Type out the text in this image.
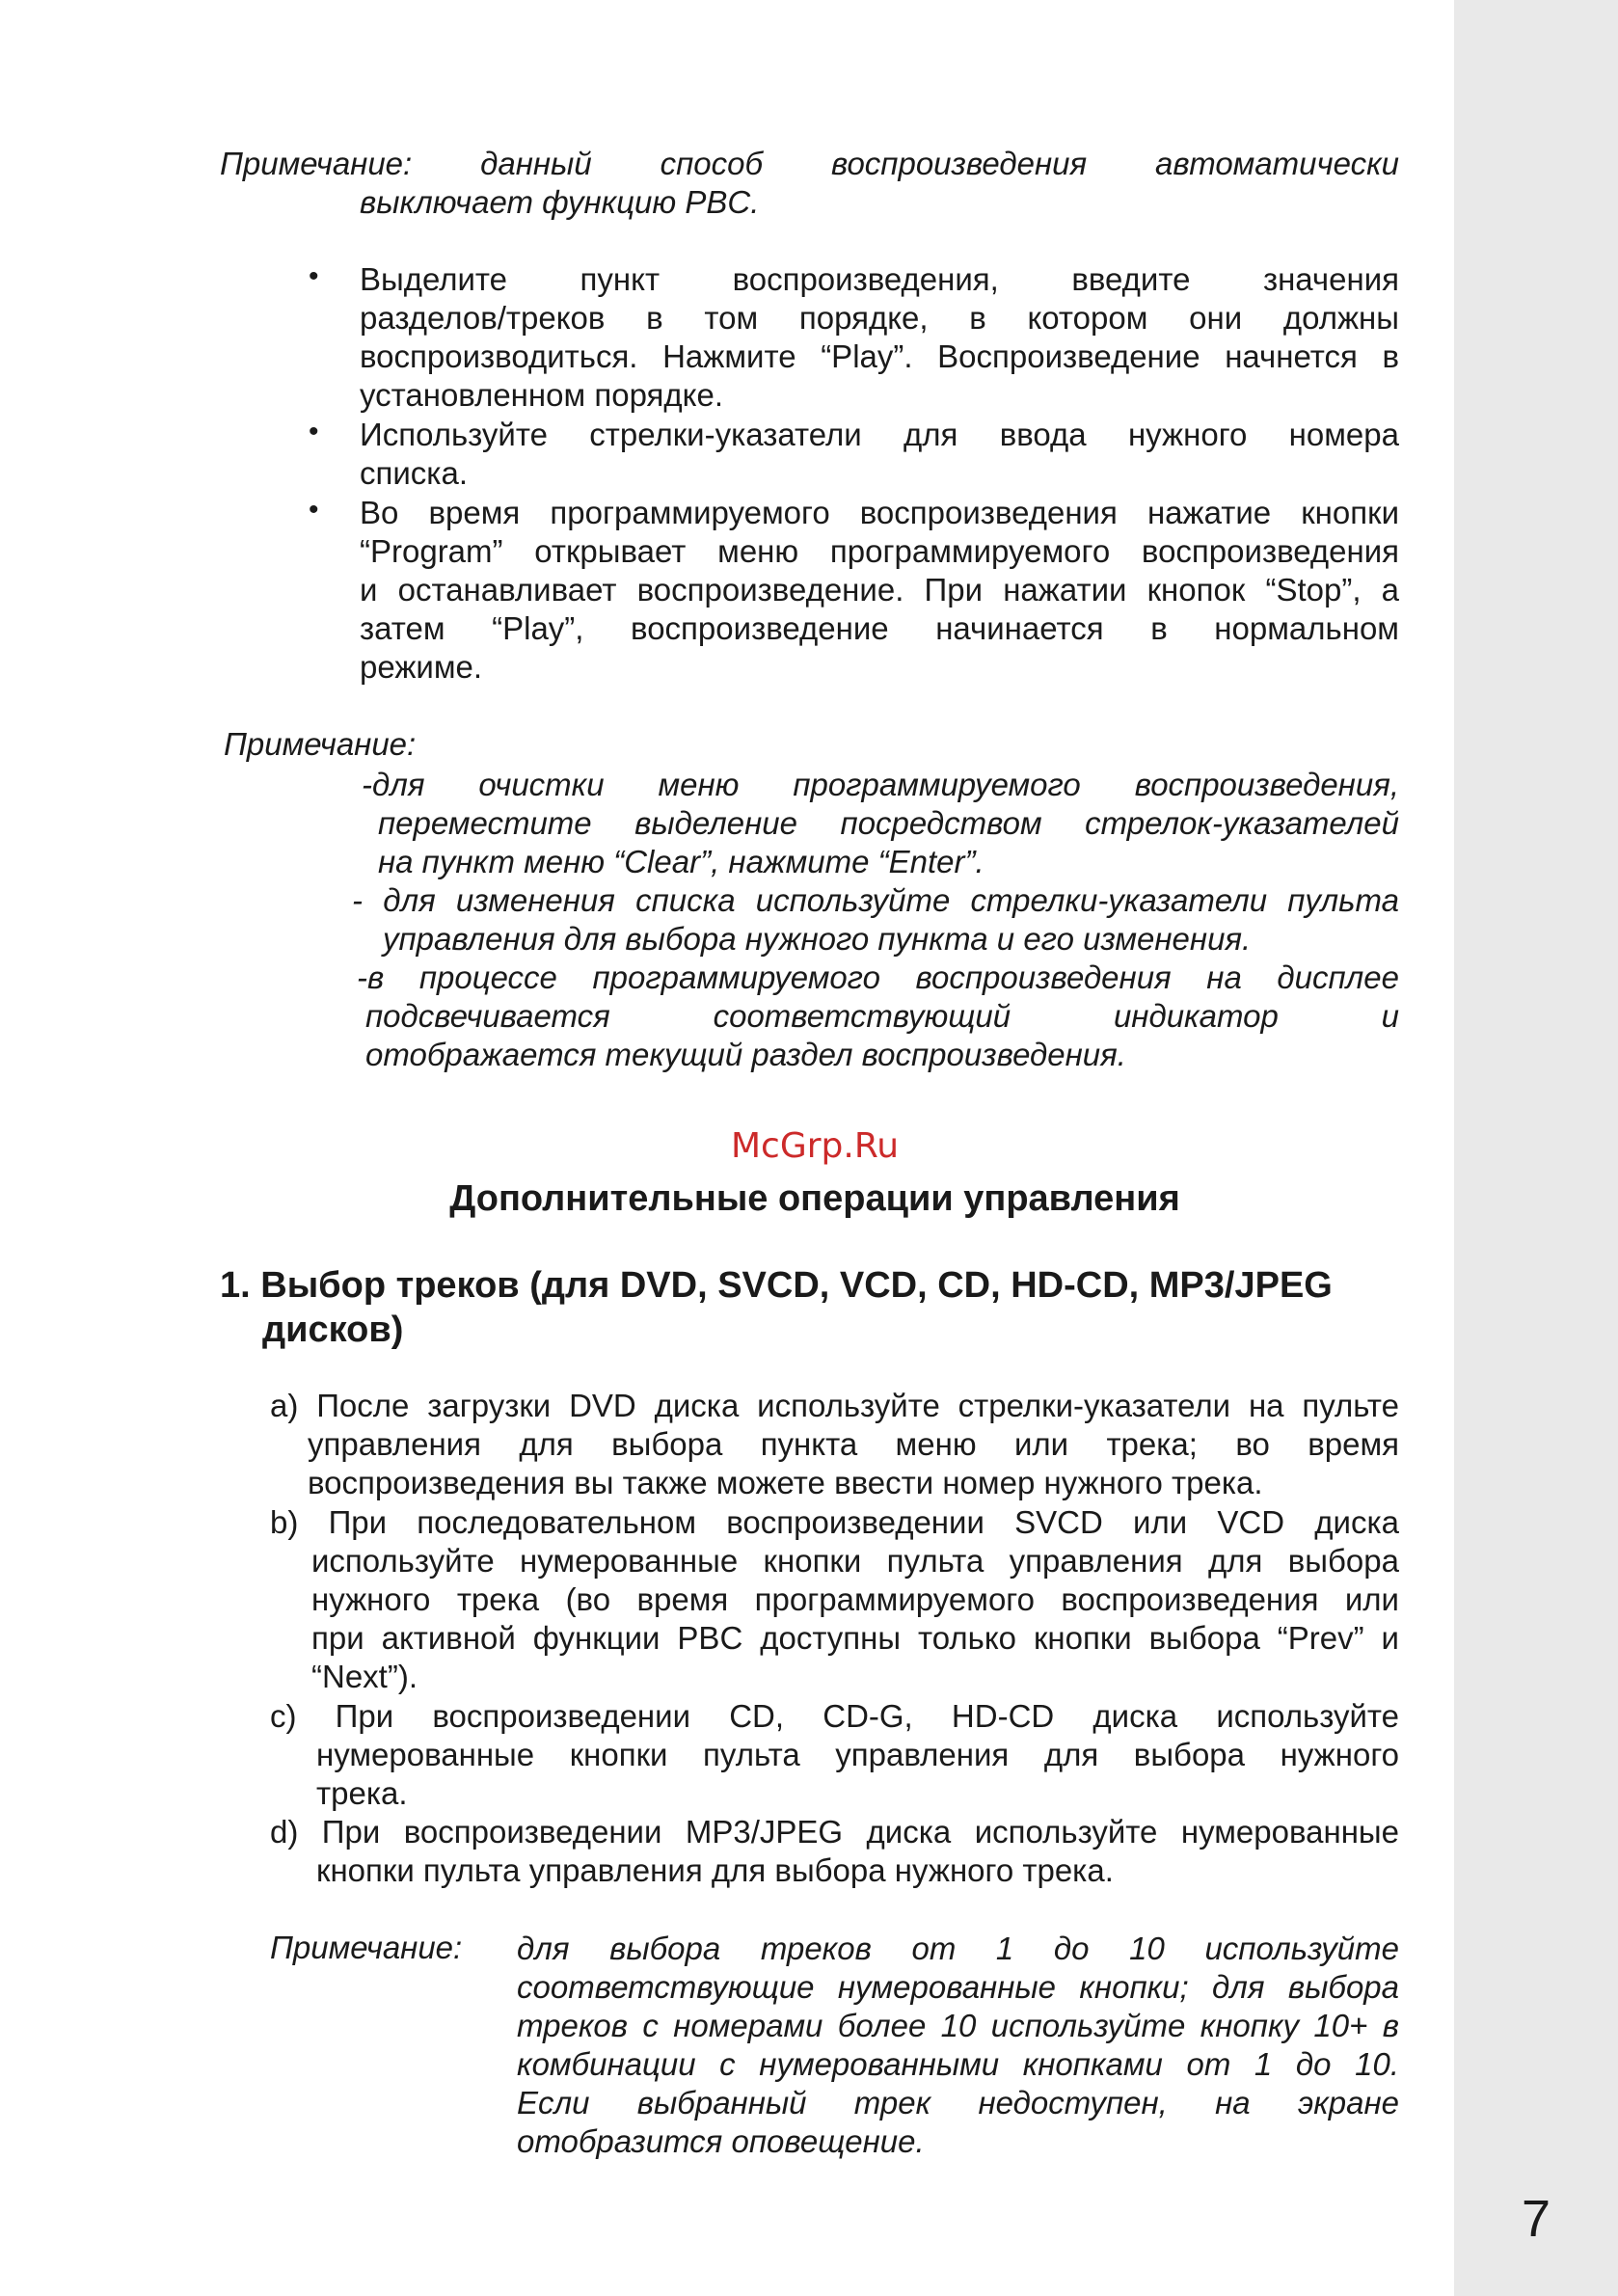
7
Примечание: данный способ воспроизведения автоматически
выключает функцию PBC.
• Выделите пункт воспроизведения, введите значения
разделов/треков в том порядке, в котором они должны
воспроизводиться. Нажмите “Play”. Воспроизведение начнется в
установленном порядке.
• Используйте стрелки-указатели для ввода нужного номера
списка.
• Во время программируемого воспроизведения нажатие кнопки
“Program” открывает меню программируемого воспроизведения
и останавливает воспроизведение. При нажатии кнопок “Stop”, а
затем “Play”, воспроизведение начинается в нормальном
режиме.
Примечание:
-для очистки меню программируемого воспроизведения,
переместите выделение посредством стрелок-указателей
на пункт меню “Clear”, нажмите “Enter”.
- для изменения списка используйте стрелки-указатели пульта
управления для выбора нужного пункта и его изменения.
-в процессе программируемого воспроизведения на дисплее
подсвечивается соответствующий индикатор и
отображается текущий раздел воспроизведения.
McGrp.Ru
Дополнительные операции управления
1. Выбор треков (для DVD, SVCD, VCD, CD, HD-CD, MP3/JPEG
дисков)
a) После загрузки DVD диска используйте стрелки-указатели на пульте
управления для выбора пункта меню или трека; во время
воспроизведения вы также можете ввести номер нужного трека.
b) При последовательном воспроизведении SVCD или VCD диска
используйте нумерованные кнопки пульта управления для выбора
нужного трека (во время программируемого воспроизведения или
при активной функции PBC доступны только кнопки выбора “Prev” и
“Next”).
c) При воспроизведении CD, CD-G, HD-CD диска используйте
нумерованные кнопки пульта управления для выбора нужного
трека.
d) При воспроизведении MP3/JPEG диска используйте нумерованные
кнопки пульта управления для выбора нужного трека.
Примечание: для выбора треков от 1 до 10 используйте
соответствующие нумерованные кнопки; для выбора
треков с номерами более 10 используйте кнопку 10+ в
комбинации с нумерованными кнопками от 1 до 10.
Если выбранный трек недоступен, на экране
отобразится оповещение.
